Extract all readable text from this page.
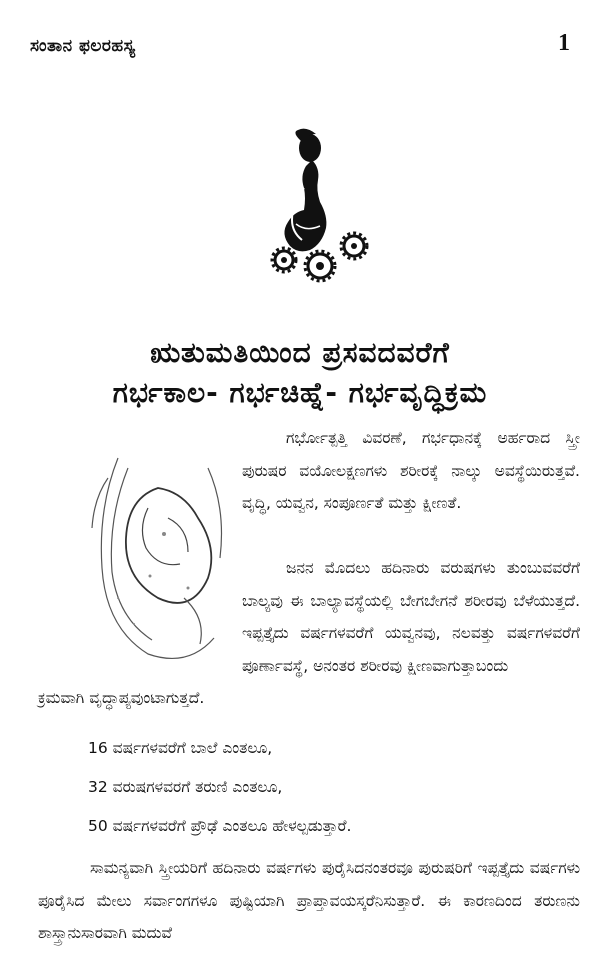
ಸಂತಾನ ಫಲರಹಸ್ಯ	1
ಋತುಮತಿಯಿಂದ ಪ್ರಸವದವರೆಗೆ
ಗರ್ಭಕಾಲ- ಗರ್ಭಚಿಹ್ನೆ- ಗರ್ಭವೃದ್ಧಿಕ್ರಮ

ಗರ್ಭೋತ್ಪತ್ತಿ ವಿವರಣೆ, ಗರ್ಭಧಾನಕ್ಕೆ ಅರ್ಹರಾದ ಸ್ತ್ರೀ ಪುರುಷರ ವಯೋಲಕ್ಷಣಗಳು ಶರೀರಕ್ಕೆ ನಾಲ್ಕು ಅವಸ್ಥೆಯಿರುತ್ತವೆ. ವೃದ್ಧಿ, ಯವ್ವನ, ಸಂಪೂರ್ಣತೆ ಮತ್ತು ಕ್ಷೀಣತೆ.

ಜನನ ಮೊದಲು ಹದಿನಾರು ವರುಷಗಳು ತುಂಬುವವರೆಗೆ ಬಾಲ್ಯವು ಈ ಬಾಲ್ಯಾವಸ್ಥೆಯಲ್ಲಿ ಬೇಗಬೇಗನೆ ಶರೀರವು ಬೆಳೆಯುತ್ತದೆ. ಇಪ್ಪತ್ತೈದು ವರ್ಷಗಳವರೆಗೆ ಯವ್ವನವು, ನಲವತ್ತು ವರ್ಷಗಳವರೆಗೆ ಪೂರ್ಣಾವಸ್ಥೆ, ಅನಂತರ ಶರೀರವು ಕ್ಷೀಣವಾಗುತ್ತಾಬಂದು

ಕ್ರಮವಾಗಿ ವೃದ್ಧಾಪ್ಯವುಂಟಾಗುತ್ತದೆ.

16 ವರ್ಷಗಳವರೆಗೆ ಬಾಲೆ ಎಂತಲೂ,
32 ವರುಷಗಳವರಗೆ ತರುಣಿ ಎಂತಲೂ,
50 ವರ್ಷಗಳವರೆಗೆ ಪ್ರೌಢೆ ಎಂತಲೂ ಹೇಳಲ್ಪಡುತ್ತಾರೆ.

ಸಾಮನ್ಯವಾಗಿ ಸ್ತ್ರೀಯರಿಗೆ ಹದಿನಾರು ವರ್ಷಗಳು ಪುರೈಸಿದನಂತರವೂ ಪುರುಷರಿಗೆ ಇಪ್ಪತ್ತೈದು ವರ್ಷಗಳು ಪೂರೈಸಿದ ಮೇಲು ಸರ್ವಾಂಗಗಳೂ ಪುಷ್ಟಿಯಾಗಿ ಪ್ರಾಪ್ತಾವಯಸ್ಕರೆನಿಸುತ್ತಾರೆ. ಈ ಕಾರಣದಿಂದ ತರುಣನು ಶಾಸ್ತ್ರಾನುಸಾರವಾಗಿ ಮದುವೆ
